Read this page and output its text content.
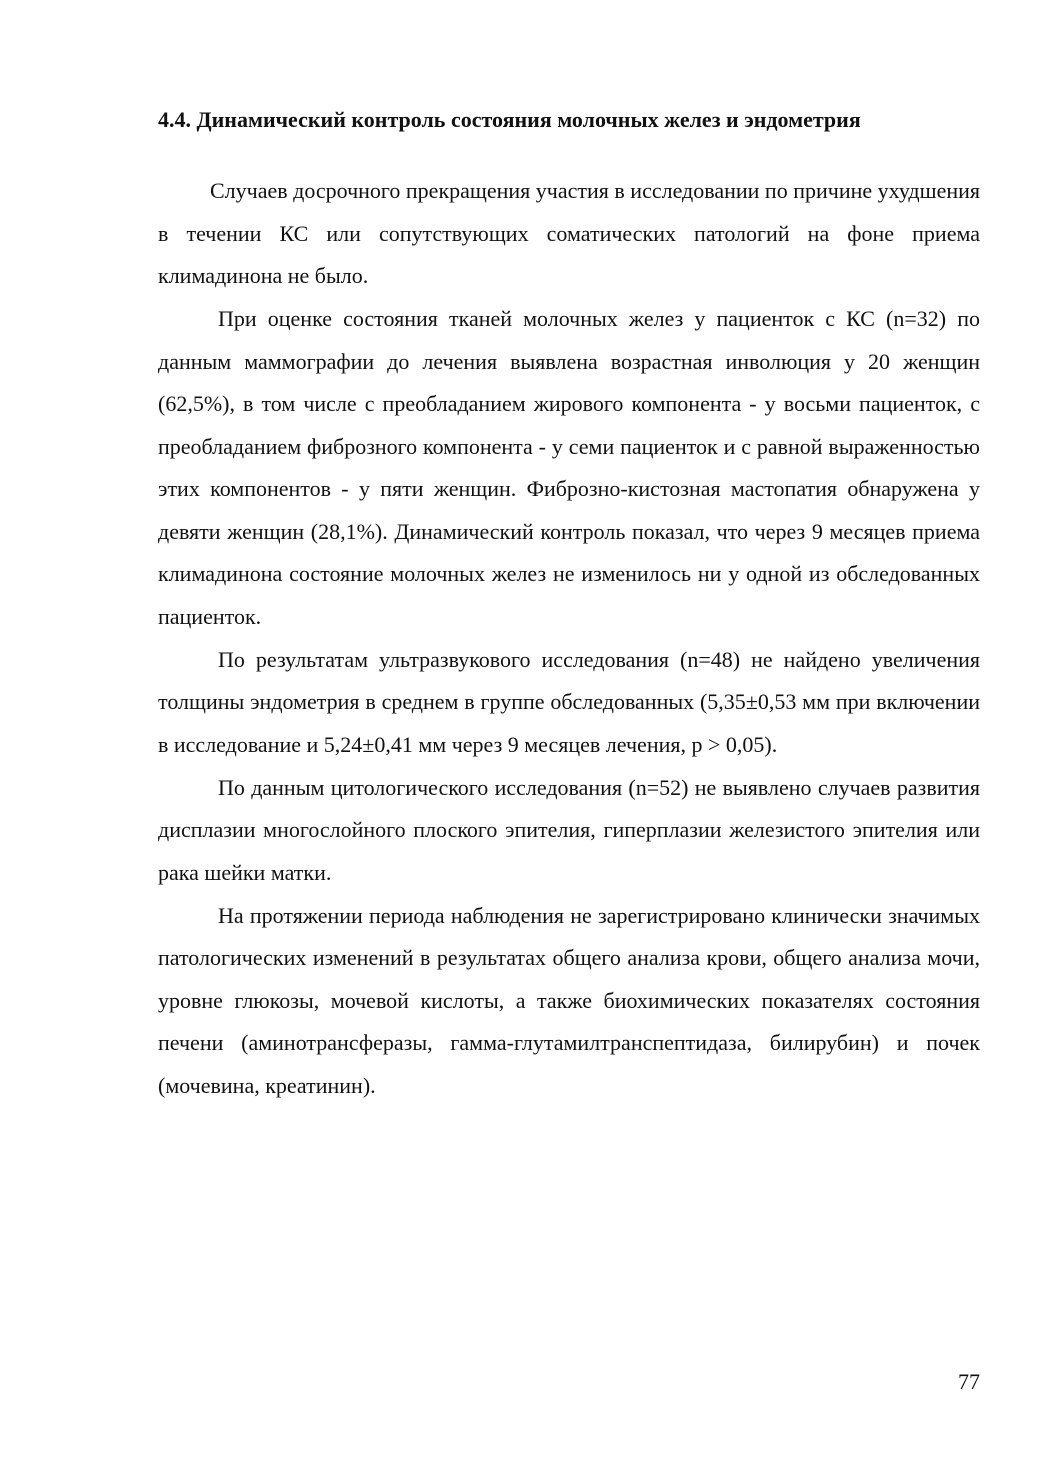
4.4. Динамический контроль состояния молочных желез и эндометрия

Случаев досрочного прекращения участия в исследовании по причине ухудшения в течении КС или сопутствующих соматических патологий на фоне приема климадинона не было.

При оценке состояния тканей молочных желез у пациенток с КС (n=32) по данным маммографии до лечения выявлена возрастная инволюция у 20 женщин (62,5%), в том числе с преобладанием жирового компонента - у восьми пациенток, с преобладанием фиброзного компонента - у семи пациенток и с равной выраженностью этих компонентов - у пяти женщин. Фиброзно-кистозная мастопатия обнаружена у девяти женщин (28,1%). Динамический контроль показал, что через 9 месяцев приема климадинона состояние молочных желез не изменилось ни у одной из обследованных пациенток.

По результатам ультразвукового исследования (n=48) не найдено увеличения толщины эндометрия в среднем в группе обследованных (5,35±0,53 мм при включении в исследование и 5,24±0,41 мм через 9 месяцев лечения, р > 0,05).

По данным цитологического исследования (n=52) не выявлено случаев развития дисплазии многослойного плоского эпителия, гиперплазии железистого эпителия или рака шейки матки.

На протяжении периода наблюдения не зарегистрировано клинически значимых патологических изменений в результатах общего анализа крови, общего анализа мочи, уровне глюкозы, мочевой кислоты, а также биохимических показателях состояния печени (аминотрансферазы, гамма-глутамилтранспептидаза, билирубин) и почек (мочевина, креатинин).

77
